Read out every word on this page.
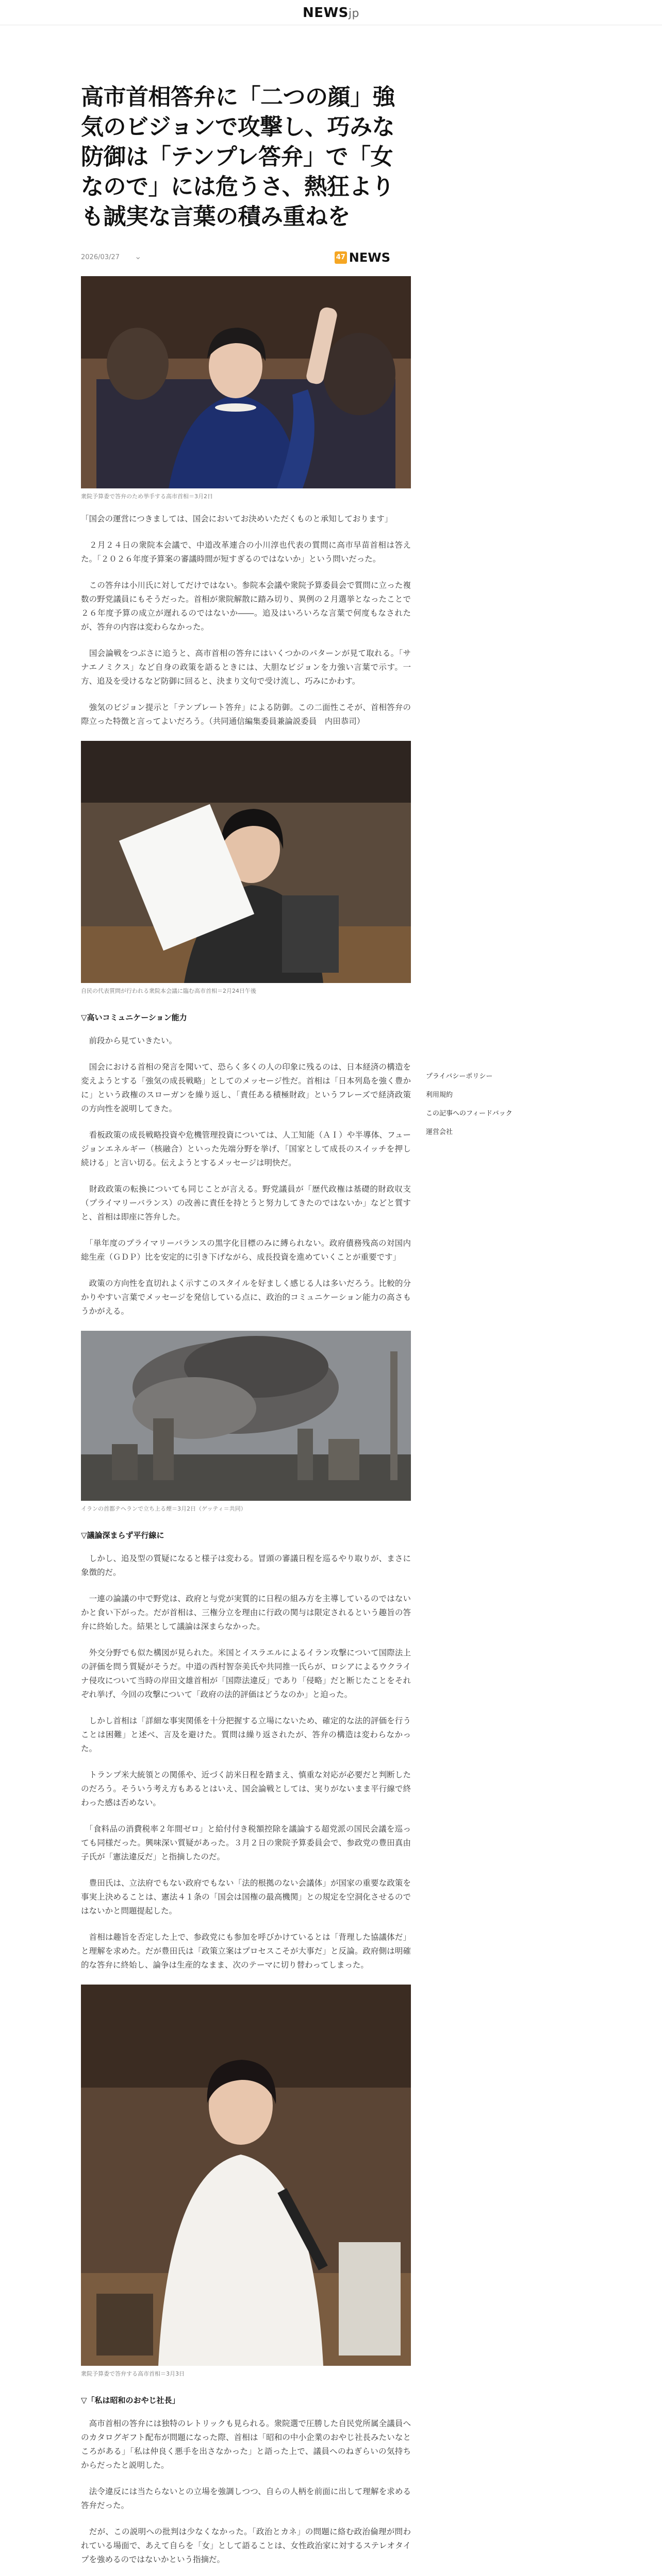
NEWSjp
高市首相答弁に「二つの顔」強気のビジョンで攻撃し、巧みな防御は「テンプレ答弁」で「女なので」には危うさ、熱狂よりも誠実な言葉の積み重ねを
2026/03/27 ⌄	47 NEWS

衆院予算委で答弁のため挙手する高市首相＝3月2日

「国会の運営につきましては、国会においてお決めいただくものと承知しております」

　２月２４日の衆院本会議で、中道改革連合の小川淳也代表の質問に高市早苗首相は答えた。「２０２６年度予算案の審議時間が短すぎるのではないか」という問いだった。

　この答弁は小川氏に対してだけではない。参院本会議や衆院予算委員会で質問に立った複数の野党議員にもそうだった。首相が衆院解散に踏み切り、異例の２月選挙となったことで２６年度予算の成立が遅れるのではないか――。追及はいろいろな言葉で何度もなされたが、答弁の内容は変わらなかった。

　国会論戦をつぶさに追うと、高市首相の答弁にはいくつかのパターンが見て取れる。「サナエノミクス」など自身の政策を語るときには、大胆なビジョンを力強い言葉で示す。一方、追及を受けるなど防御に回ると、決まり文句で受け流し、巧みにかわす。

　強気のビジョン提示と「テンプレート答弁」による防御。この二面性こそが、首相答弁の際立った特徴と言ってよいだろう。（共同通信編集委員兼論説委員　内田恭司）

自民の代表質問が行われる衆院本会議に臨む高市首相＝2月24日午後

▽高いコミュニケーション能力

　前段から見ていきたい。

　国会における首相の発言を聞いて、恐らく多くの人の印象に残るのは、日本経済の構造を変えようとする「強気の成長戦略」としてのメッセージ性だ。首相は「日本列島を強く豊かに」という政権のスローガンを繰り返し、「責任ある積極財政」というフレーズで経済政策の方向性を説明してきた。

　看板政策の成長戦略投資や危機管理投資については、人工知能（ＡＩ）や半導体、フュージョンエネルギー（核融合）といった先端分野を挙げ、「国家として成長のスイッチを押し続ける」と言い切る。伝えようとするメッセージは明快だ。

　財政政策の転換についても同じことが言える。野党議員が「歴代政権は基礎的財政収支（プライマリーバランス）の改善に責任を持とうと努力してきたのではないか」などと質すと、首相は即座に答弁した。

　「単年度のプライマリーバランスの黒字化目標のみに縛られない。政府債務残高の対国内総生産（ＧＤＰ）比を安定的に引き下げながら、成長投資を進めていくことが重要です」

　政策の方向性を直切れよく示すこのスタイルを好ましく感じる人は多いだろう。比較的分かりやすい言葉でメッセージを発信している点に、政治的コミュニケーション能力の高さもうかがえる。

イランの首都テヘランで立ち上る煙＝3月2日（ゲッティ＝共同）

▽議論深まらず平行線に

　しかし、追及型の質疑になると様子は変わる。冒頭の審議日程を巡るやり取りが、まさに象徴的だ。

　一連の論議の中で野党は、政府と与党が実質的に日程の組み方を主導しているのではないかと食い下がった。だが首相は、三権分立を理由に行政の関与は限定されるという趣旨の答弁に終始した。結果として議論は深まらなかった。

　外交分野でも似た構図が見られた。米国とイスラエルによるイラン攻撃について国際法上の評価を問う質疑がそうだ。中道の西村智奈美氏や共同推一氏らが、ロシアによるウクライナ侵攻について当時の岸田文雄首相が「国際法違反」であり「侵略」だと断じたことをそれぞれ挙げ、今回の攻撃について「政府の法的評価はどうなのか」と迫った。

　しかし首相は「詳細な事実関係を十分把握する立場にないため、確定的な法的評価を行うことは困難」と述べ、言及を避けた。質問は繰り返されたが、答弁の構造は変わらなかった。

　トランプ米大統領との関係や、近づく訪米日程を踏まえ、慎重な対応が必要だと判断したのだろう。そういう考え方もあるとはいえ、国会論戦としては、実りがないまま平行線で終わった感は否めない。

　「食料品の消費税率２年間ゼロ」と給付付き税額控除を議論する超党派の国民会議を巡っても同様だった。興味深い質疑があった。３月２日の衆院予算委員会で、参政党の豊田真由子氏が「憲法違反だ」と指摘したのだ。

　豊田氏は、立法府でもない政府でもない「法的根拠のない会議体」が国家の重要な政策を事実上決めることは、憲法４１条の「国会は国権の最高機関」との規定を空洞化させるのではないかと問題提起した。

　首相は趣旨を否定した上で、参政党にも参加を呼びかけているとは「背理した協議体だ」と理解を求めた。だが豊田氏は「政策立案はプロセスこそが大事だ」と反論。政府側は明確的な答弁に終始し、論争は生産的なまま、次のテーマに切り替わってしまった。

衆院予算委で答弁する高市首相＝3月3日

▽「私は昭和のおやじ社長」

　高市首相の答弁には独特のレトリックも見られる。衆院選で圧勝した自民党所属全議員へのカタログギフト配布が問題になった際、首相は「昭和の中小企業のおやじ社長みたいなところがある」「私は仲良く悪手を出さなかった」と語った上で、議員へのねぎらいの気持ちからだったと説明した。

　法令違反には当たらないとの立場を強調しつつ、自らの人柄を前面に出して理解を求める答弁だった。

　だが、この説明への批判は少なくなかった。「政治とカネ」の問題に絡む政治倫理が問われている場面で、あえて自らを「女」として語ることは、女性政治家に対するステレオタイプを強めるのではないかという指摘だ。

プライバシーポリシー
利用規約
この記事へのフィードバック
運営会社
